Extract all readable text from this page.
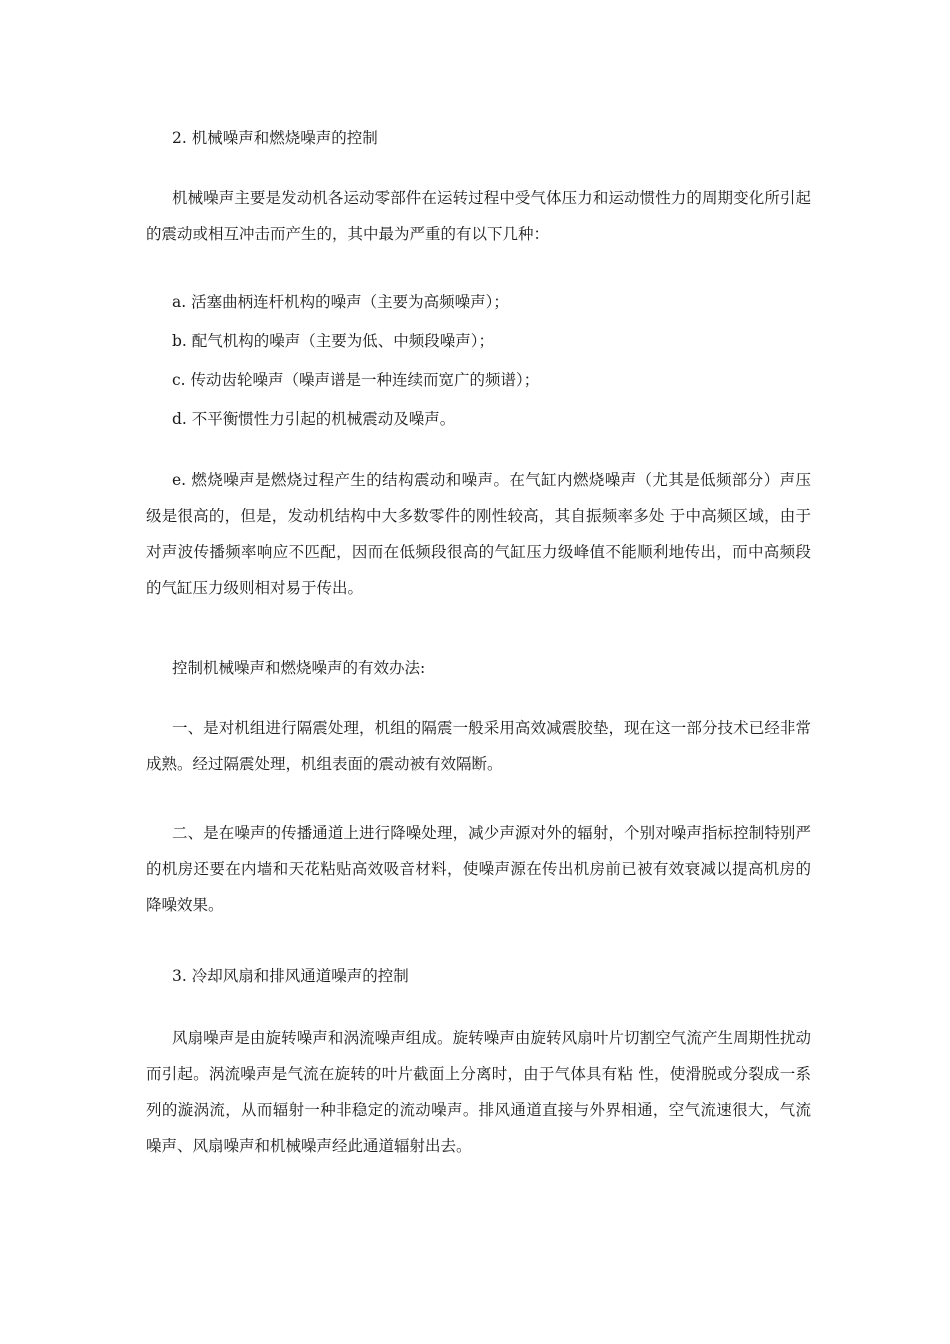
2. 机械噪声和燃烧噪声的控制

机械噪声主要是发动机各运动零部件在运转过程中受气体压力和运动惯性力的周期变化所引起的震动或相互冲击而产生的，其中最为严重的有以下几种：

a. 活塞曲柄连杆机构的噪声（主要为高频噪声）；

b. 配气机构的噪声（主要为低、中频段噪声）；

c. 传动齿轮噪声（噪声谱是一种连续而宽广的频谱）；

d. 不平衡惯性力引起的机械震动及噪声。

e. 燃烧噪声是燃烧过程产生的结构震动和噪声。在气缸内燃烧噪声（尤其是低频部分）声压级是很高的，但是，发动机结构中大多数零件的刚性较高，其自振频率多处 于中高频区域，由于对声波传播频率响应不匹配，因而在低频段很高的气缸压力级峰值不能顺利地传出，而中高频段的气缸压力级则相对易于传出。

控制机械噪声和燃烧噪声的有效办法:

一、是对机组进行隔震处理，机组的隔震一般采用高效减震胶垫，现在这一部分技术已经非常成熟。经过隔震处理，机组表面的震动被有效隔断。

二、是在噪声的传播通道上进行降噪处理，减少声源对外的辐射，个别对噪声指标控制特别严的机房还要在内墙和天花粘贴高效吸音材料，使噪声源在传出机房前已被有效衰减以提高机房的降噪效果。

3. 冷却风扇和排风通道噪声的控制

风扇噪声是由旋转噪声和涡流噪声组成。旋转噪声由旋转风扇叶片切割空气流产生周期性扰动而引起。涡流噪声是气流在旋转的叶片截面上分离时，由于气体具有粘 性，使滑脱或分裂成一系列的漩涡流，从而辐射一种非稳定的流动噪声。排风通道直接与外界相通，空气流速很大，气流噪声、风扇噪声和机械噪声经此通道辐射出去。
